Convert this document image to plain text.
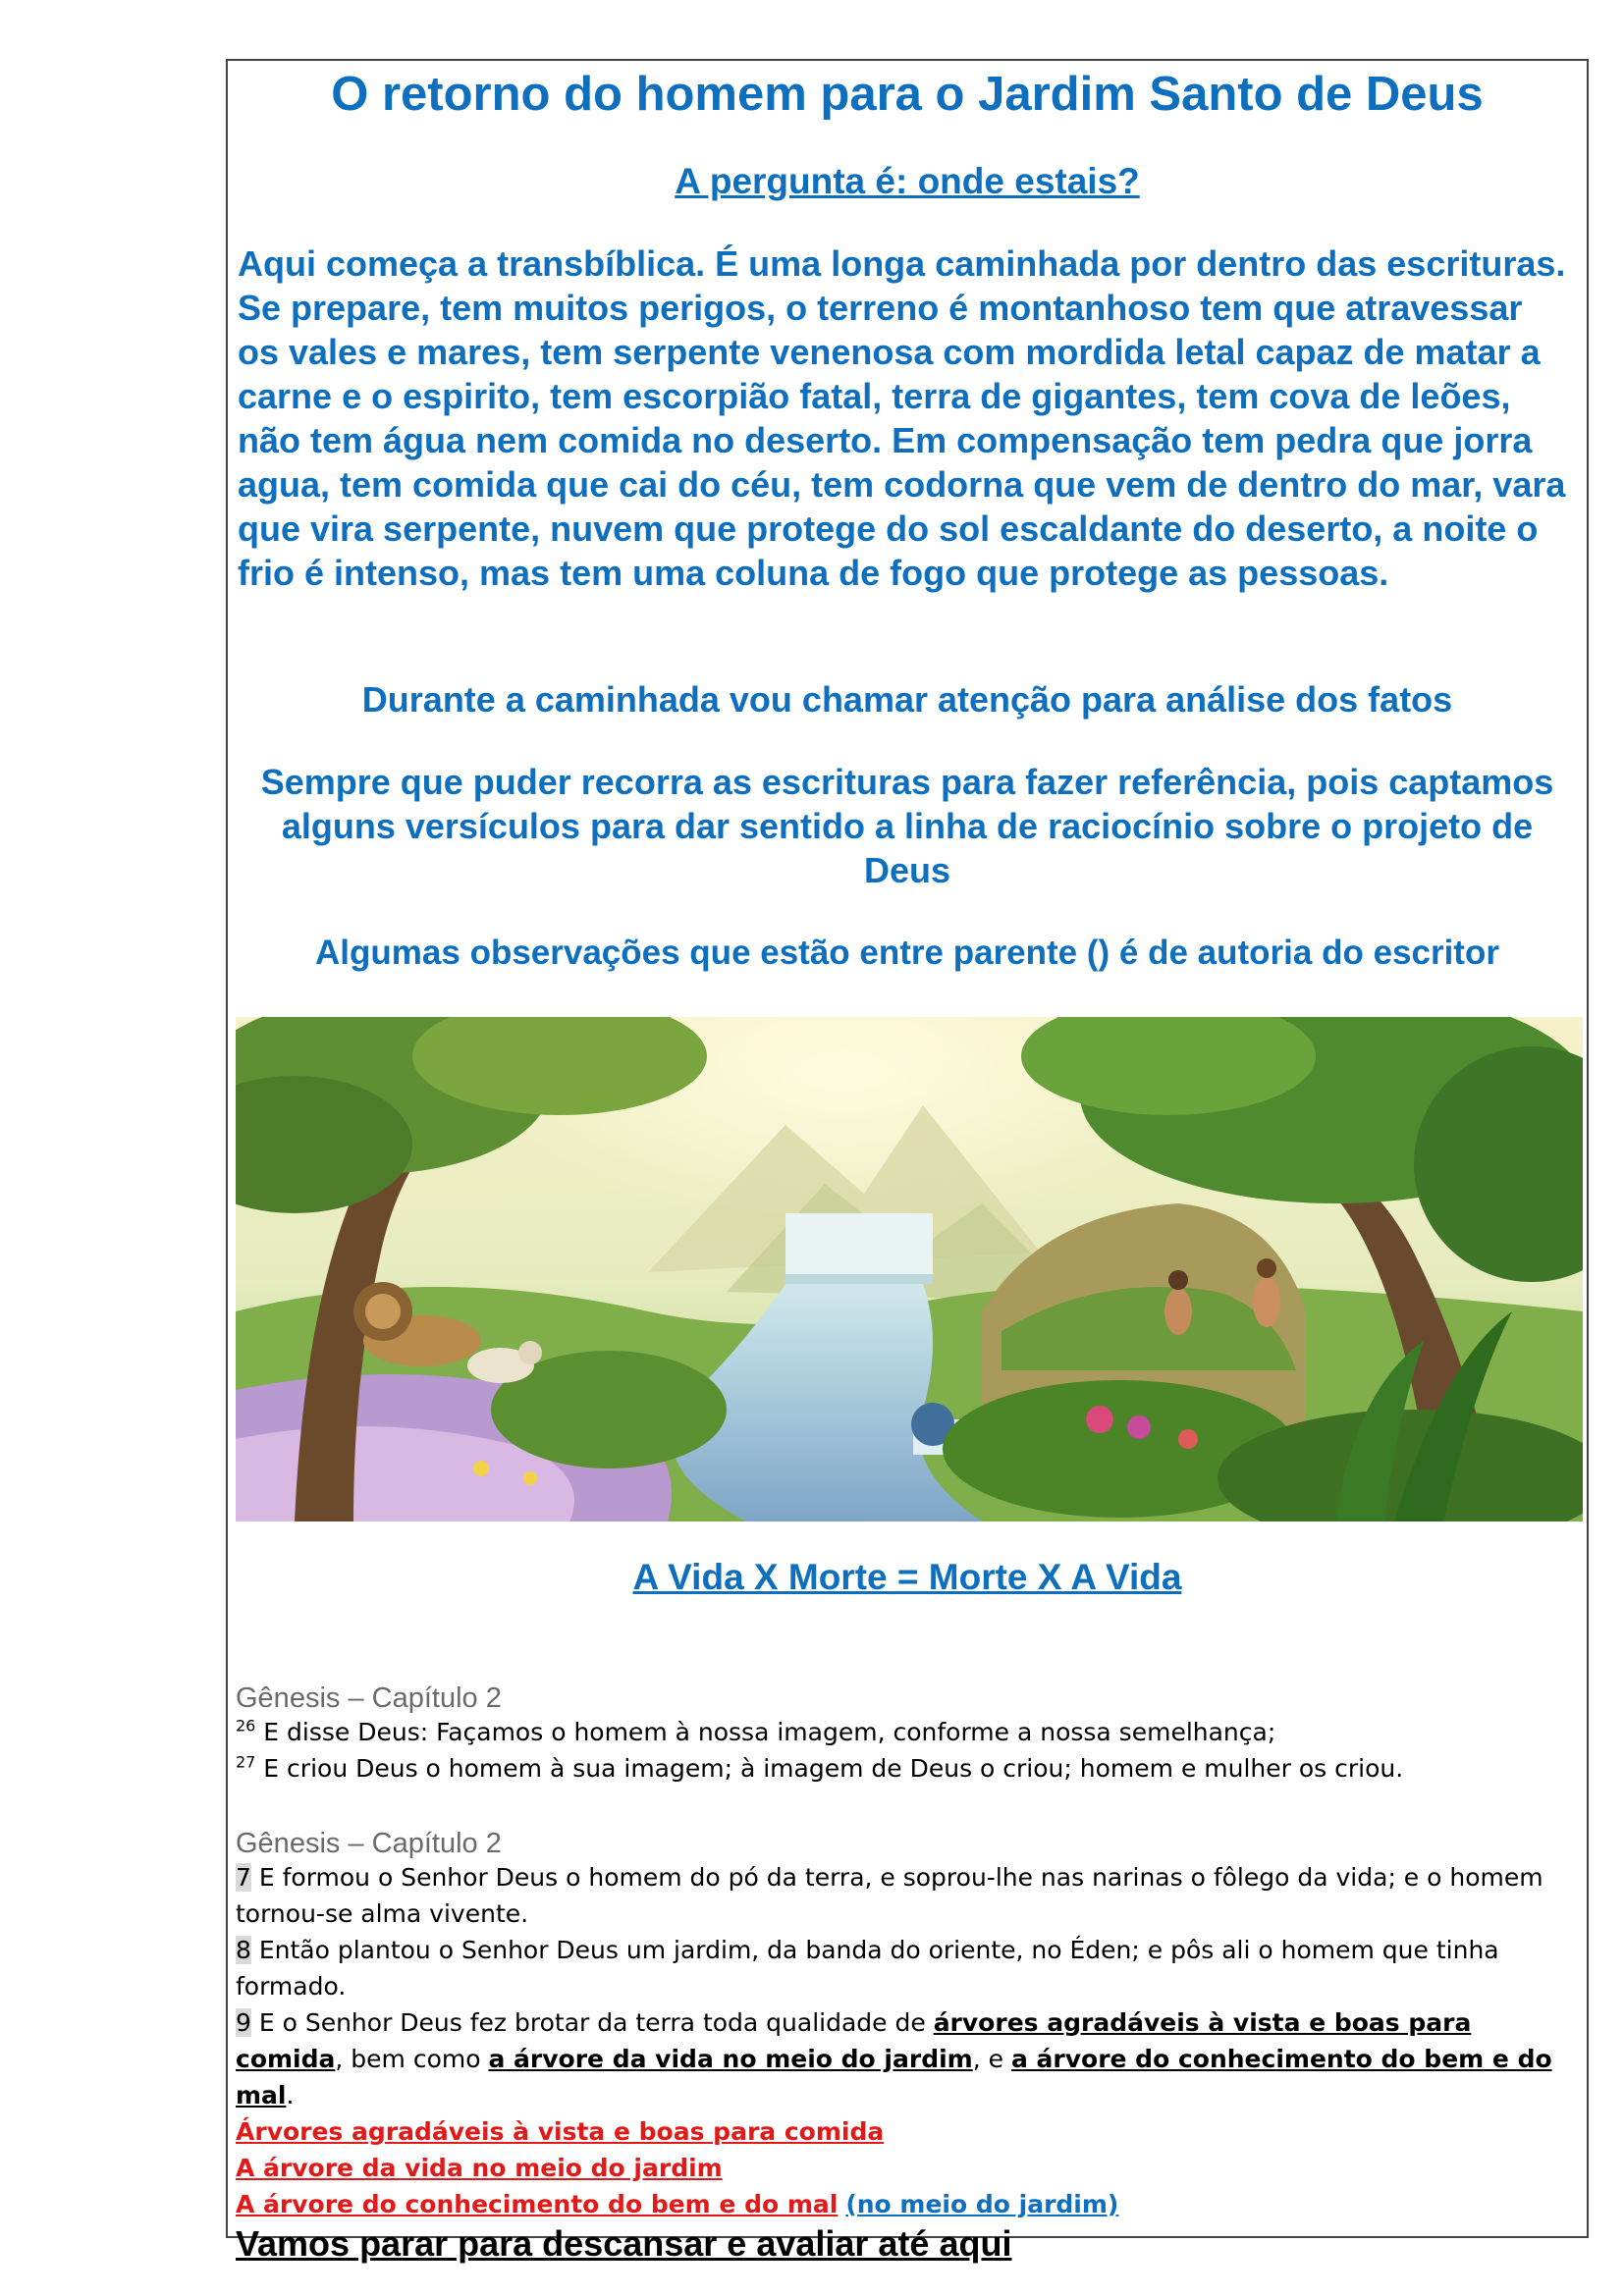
O retorno do homem para o Jardim Santo de Deus
A pergunta é: onde estais?

Aqui começa a transbíblica. É uma longa caminhada por dentro das escrituras. Se prepare, tem muitos perigos, o terreno é montanhoso tem que atravessar os vales e mares, tem serpente venenosa com mordida letal capaz de matar a carne e o espirito, tem escorpião fatal, terra de gigantes, tem cova de leões, não tem água nem comida no deserto. Em compensação tem pedra que jorra agua, tem comida que cai do céu, tem codorna que vem de dentro do mar, vara que vira serpente, nuvem que protege do sol escaldante do deserto, a noite o frio é intenso, mas tem uma coluna de fogo que protege as pessoas.

Durante a caminhada vou chamar atenção para análise dos fatos

Sempre que puder recorra as escrituras para fazer referência, pois captamos alguns versículos para dar sentido a linha de raciocínio sobre o projeto de Deus

Algumas observações que estão entre parente () é de autoria do escritor

A Vida X Morte = Morte X A Vida
Gênesis – Capítulo 2
$^{26}$ E disse Deus: Façamos o homem à nossa imagem, conforme a nossa semelhança;
$^{27}$ E criou Deus o homem à sua imagem; à imagem de Deus o criou; homem e mulher os criou.
Gênesis – Capítulo 2
7 E formou o Senhor Deus o homem do pó da terra, e soprou-lhe nas narinas o fôlego da vida; e o homem tornou-se alma vivente.
8 Então plantou o Senhor Deus um jardim, da banda do oriente, no Éden; e pôs ali o homem que tinha formado.
9 E o Senhor Deus fez brotar da terra toda qualidade de árvores agradáveis à vista e boas para comida, bem como a árvore da vida no meio do jardim, e a árvore do conhecimento do bem e do mal.
Árvores agradáveis à vista e boas para comida
A árvore da vida no meio do jardim
A árvore do conhecimento do bem e do mal (no meio do jardim)
Vamos parar para descansar e avaliar até aqui
